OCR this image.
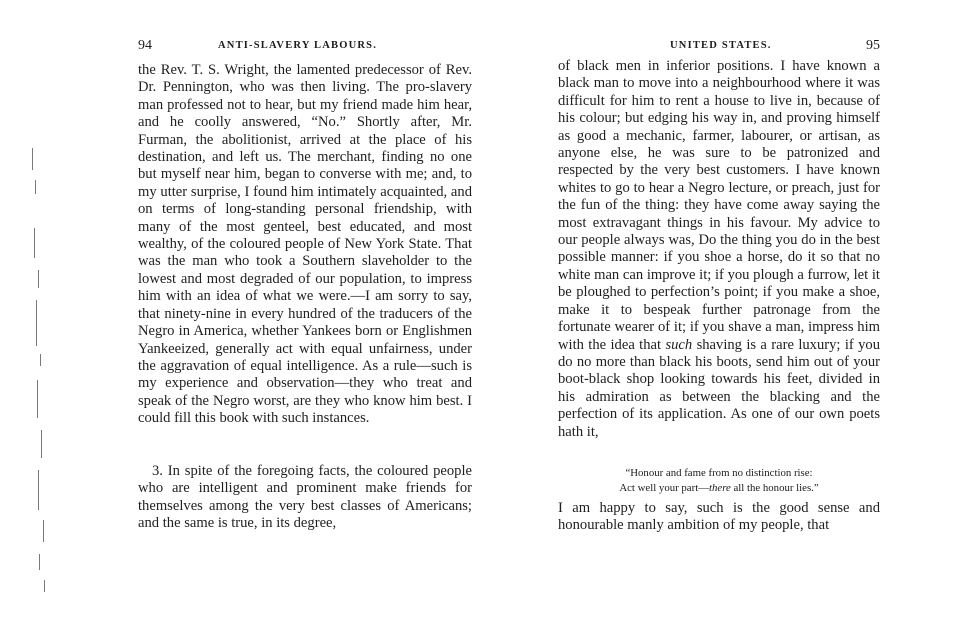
94	ANTI-SLAVERY LABOURS.

the Rev. T. S. Wright, the lamented predecessor of Rev. Dr. Pennington, who was then living. The pro-slavery man professed not to hear, but my friend made him hear, and he coolly answered, “No.” Shortly after, Mr. Furman, the abolitionist, arrived at the place of his destination, and left us. The merchant, finding no one but myself near him, began to converse with me; and, to my utter surprise, I found him intimately acquainted, and on terms of long-standing personal friendship, with many of the most genteel, best educated, and most wealthy, of the coloured people of New York State. That was the man who took a Southern slaveholder to the lowest and most degraded of our population, to impress him with an idea of what we were.—I am sorry to say, that ninety-nine in every hundred of the traducers of the Negro in America, whether Yankees born or Englishmen Yankeeized, generally act with equal unfairness, under the aggravation of equal intelligence. As a rule—such is my experience and observation—they who treat and speak of the Negro worst, are they who know him best. I could fill this book with such instances.

3. In spite of the foregoing facts, the coloured people who are intelligent and prominent make friends for themselves among the very best classes of Americans; and the same is true, in its degree,

UNITED STATES.	95

of black men in inferior positions. I have known a black man to move into a neighbourhood where it was difficult for him to rent a house to live in, because of his colour; but edging his way in, and proving himself as good a mechanic, farmer, labourer, or artisan, as anyone else, he was sure to be patronized and respected by the very best customers. I have known whites to go to hear a Negro lecture, or preach, just for the fun of the thing: they have come away saying the most extravagant things in his favour. My advice to our people always was, Do the thing you do in the best possible manner: if you shoe a horse, do it so that no white man can improve it; if you plough a furrow, let it be ploughed to perfection’s point; if you make a shoe, make it to bespeak further patronage from the fortunate wearer of it; if you shave a man, impress him with the idea that such shaving is a rare luxury; if you do no more than black his boots, send him out of your boot-black shop looking towards his feet, divided in his admiration as between the blacking and the perfection of its application. As one of our own poets hath it,

“Honour and fame from no distinction rise:

Act well your part—there all the honour lies.”

I am happy to say, such is the good sense and honourable manly ambition of my people, that
